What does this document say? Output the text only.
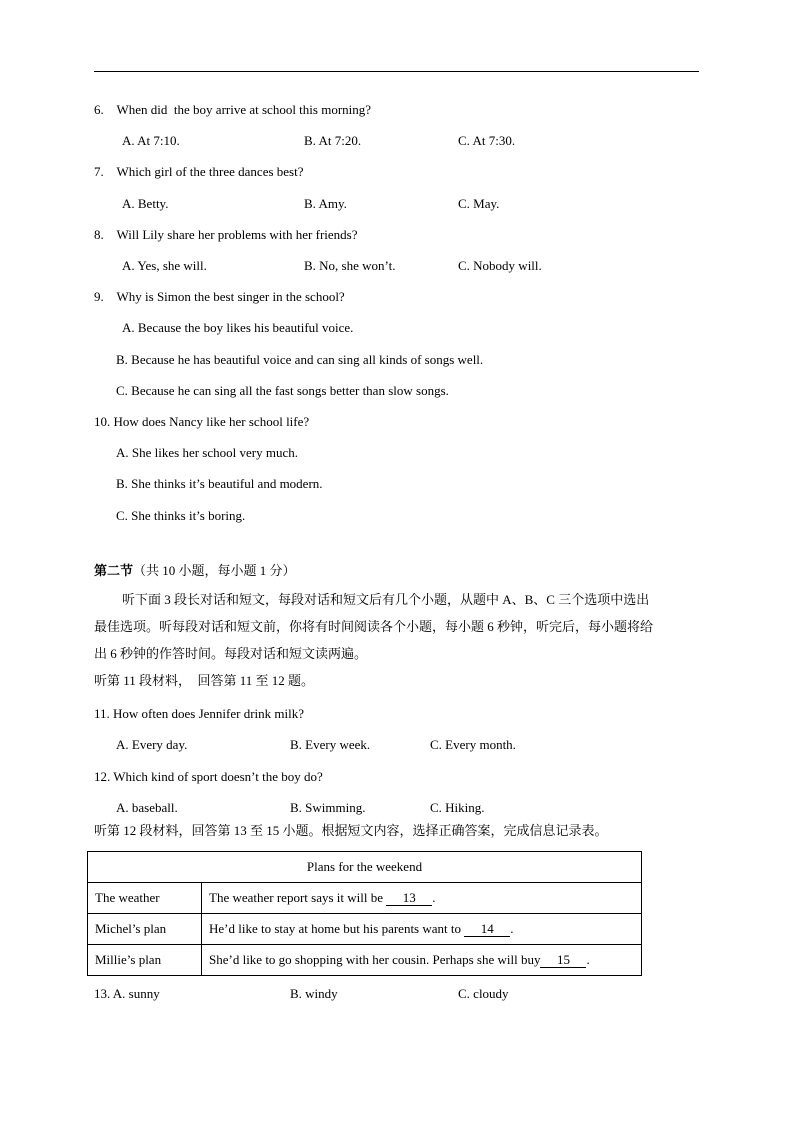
6.    When did  the boy arrive at school this morning?
A. At 7:10.	B. At 7:20.	C. At 7:30.
7.    Which girl of the three dances best?
A. Betty.	B. Amy.	C. May.
8.    Will Lily share her problems with her friends?
A. Yes, she will.	B. No, she won’t.	C. Nobody will.
9.    Why is Simon the best singer in the school?
A. Because the boy likes his beautiful voice.
B. Because he has beautiful voice and can sing all kinds of songs well.
C. Because he can sing all the fast songs better than slow songs.
10. How does Nancy like her school life?
A. She likes her school very much.
B. She thinks it’s beautiful and modern.
C. She thinks it’s boring.
第二节（共 10 小题，每小题 1 分）
听下面 3 段长对话和短文，每段对话和短文后有几个小题，从题中 A、B、C 三个选项中选出
最佳选项。听每段对话和短文前，你将有时间阅读各个小题，每小题 6 秒钟，听完后，每小题将给
出 6 秒钟的作答时间。每段对话和短文读两遍。
听第 11 段材料，  回答第 11 至 12 题。
11. How often does Jennifer drink milk?
A. Every day.	B. Every week.	C. Every month.
12. Which kind of sport doesn’t the boy do?
A. baseball.	B. Swimming.	C. Hiking.
听第 12 段材料，回答第 13 至 15 小题。根据短文内容，选择正确答案，完成信息记录表。
Plans for the weekend	
The weather	The weather report says it will be 13 .
Michel’s plan	He’d like to stay at home but his parents want to 14 .
Millie’s plan	She’d like to go shopping with her cousin. Perhaps she will buy 15 .
13. A. sunny	B. windy	C. cloudy
